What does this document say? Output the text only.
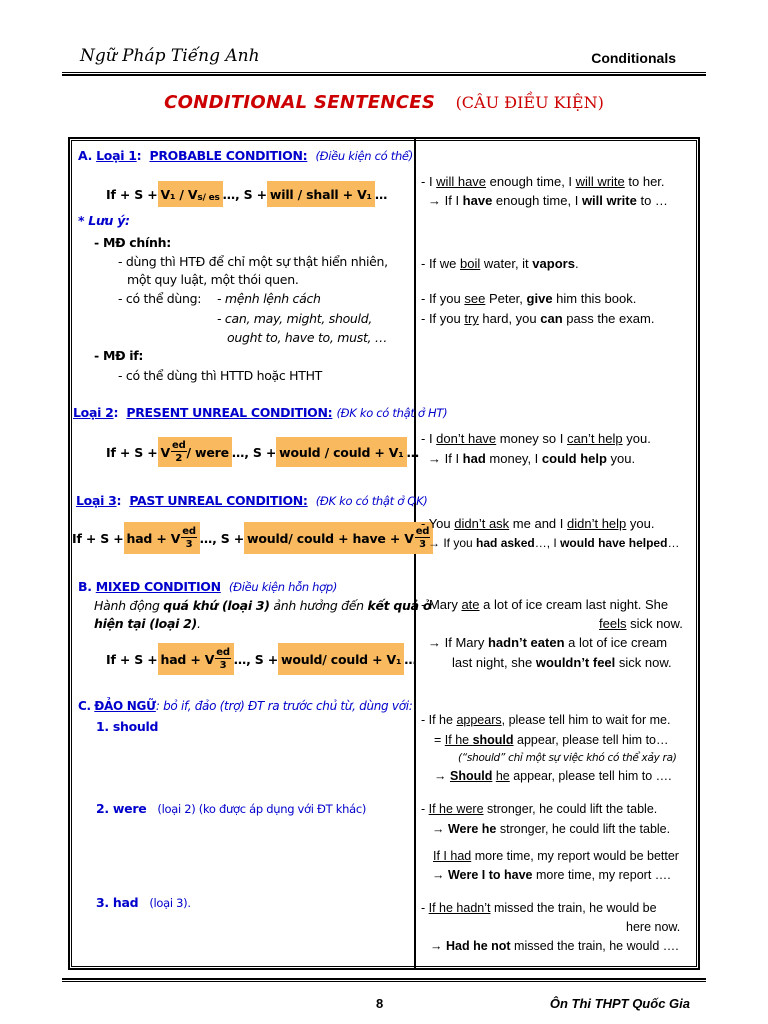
Ngữ Pháp Tiếng Anh	Conditionals
CONDITIONAL SENTENCES (CÂU ĐIỀU KIỆN)
A. Loại 1: PROBABLE CONDITION: (Điều kiện có thể)
$If + S + V_1 / V_{s/ es}$ …, S + will / shall + V₁ …
* Lưu ý:
- MĐ chính:
- dùng thì HTĐ để chỉ một sự thật hiển nhiên,
một quy luật, một thói quen.
- có thể dùng: - mệnh lệnh cách
- can, may, might, should,
ought to, have to, must, …
- MĐ if:
- có thể dùng thì HTTD hoặc HTHT
Loại 2: PRESENT UNREAL CONDITION: (ĐK ko có thật ở HT)
If + S + V $\frac{ed}{2}$ / were …, S + would / could + V₁ …
Loại 3: PAST UNREAL CONDITION: (ĐK ko có thật ở QK)
If + S + had + V $\frac{ed}{3}$ …, S + would/ could + have + V $\frac{ed}{3}$
B. MIXED CONDITION (Điều kiện hỗn hợp)
Hành động quá khứ (loại 3) ảnh hưởng đến kết quả ở
hiện tại (loại 2).
If + S + had + V $\frac{ed}{3}$ …, S + would/ could + V₁ …
C. ĐẢO NGỮ: bỏ if, đảo (trợ) ĐT ra trước chủ từ, dùng với:
1. should
2. were (loại 2) (ko được áp dụng với ĐT khác)
3. had (loại 3).
- I will have enough time, I will write to her.
→ If I have enough time, I will write to …
- If we boil water, it vapors.
- If you see Peter, give him this book.
- If you try hard, you can pass the exam.
- I don’t have money so I can’t help you.
→ If I had money, I could help you.
- You didn’t ask me and I didn’t help you.
→ If you had asked…, I would have helped…
- Mary ate a lot of ice cream last night. She
feels sick now.
→ If Mary hadn’t eaten a lot of ice cream
last night, she wouldn’t feel sick now.
- If he appears, please tell him to wait for me.
= If he should appear, please tell him to…
(“should” chỉ một sự việc khó có thể xảy ra)
→ Should he appear, please tell him to ….
- If he were stronger, he could lift the table.
→ Were he stronger, he could lift the table.
If I had more time, my report would be better
→ Were I to have more time, my report ….
- If he hadn’t missed the train, he would be
here now.
→ Had he not missed the train, he would ….
8	Ôn Thi THPT Quốc Gia
